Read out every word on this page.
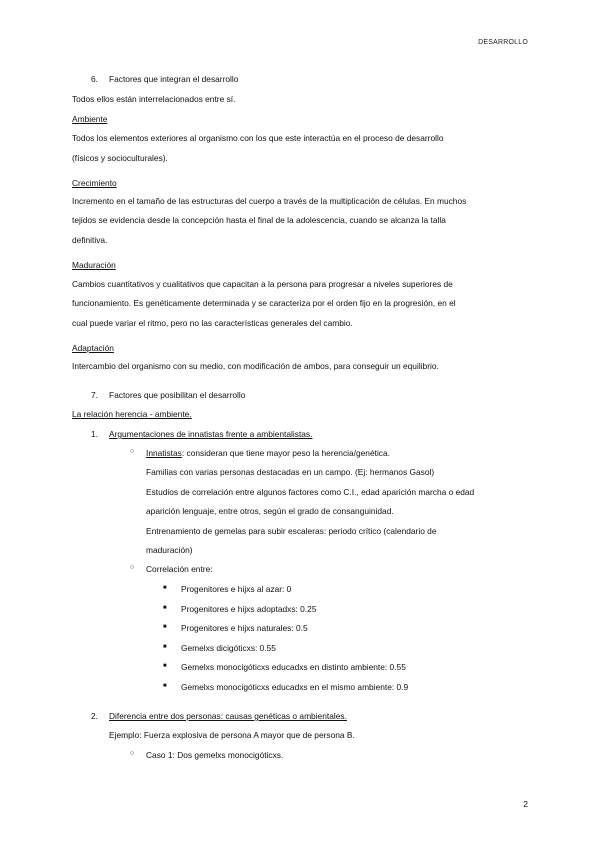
DESARROLLO
6. Factores que integran el desarrollo
Todos ellos están interrelacionados entre sí.
Ambiente
Todos los elementos exteriores al organismo con los que este interactúa en el proceso de desarrollo
(físicos y socioculturales).
Crecimiento
Incremento en el tamaño de las estructuras del cuerpo a través de la multiplicación de células. En muchos
tejidos se evidencia desde la concepción hasta el final de la adolescencia, cuando se alcanza la talla
definitiva.
Maduración
Cambios cuantitativos y cualitativos que capacitan a la persona para progresar a niveles superiores de
funcionamiento. Es genéticamente determinada y se caracteriza por el orden fijo en la progresión, en el
cual puede variar el ritmo, pero no las características generales del cambio.
Adaptación
Intercambio del organismo con su medio, con modificación de ambos, para conseguir un equilibrio.
7. Factores que posibilitan el desarrollo
La relación herencia - ambiente.
1. Argumentaciones de innatistas frente a ambientalistas.
○ Innatistas: consideran que tiene mayor peso la herencia/genética.
Familias con varias personas destacadas en un campo. (Ej: hermanos Gasol)
Estudios de correlación entre algunos factores como C.I., edad aparición marcha o edad
aparición lenguaje, entre otros, según el grado de consanguinidad.
Entrenamiento de gemelas para subir escaleras: periodo crítico (calendario de
maduración)
○ Correlación entre:
■ Progenitores e hijxs al azar: 0
■ Progenitores e hijxs adoptadxs: 0.25
■ Progenitores e hijxs naturales: 0.5
■ Gemelxs dicigóticxs: 0.55
■ Gemelxs monocigóticxs educadxs en distinto ambiente: 0.55
■ Gemelxs monocigóticxs educadxs en el mismo ambiente: 0.9
2. Diferencia entre dos personas: causas genéticas o ambientales.
Ejemplo: Fuerza explosiva de persona A mayor que de persona B.
○ Caso 1: Dos gemelxs monocigóticxs.
2
